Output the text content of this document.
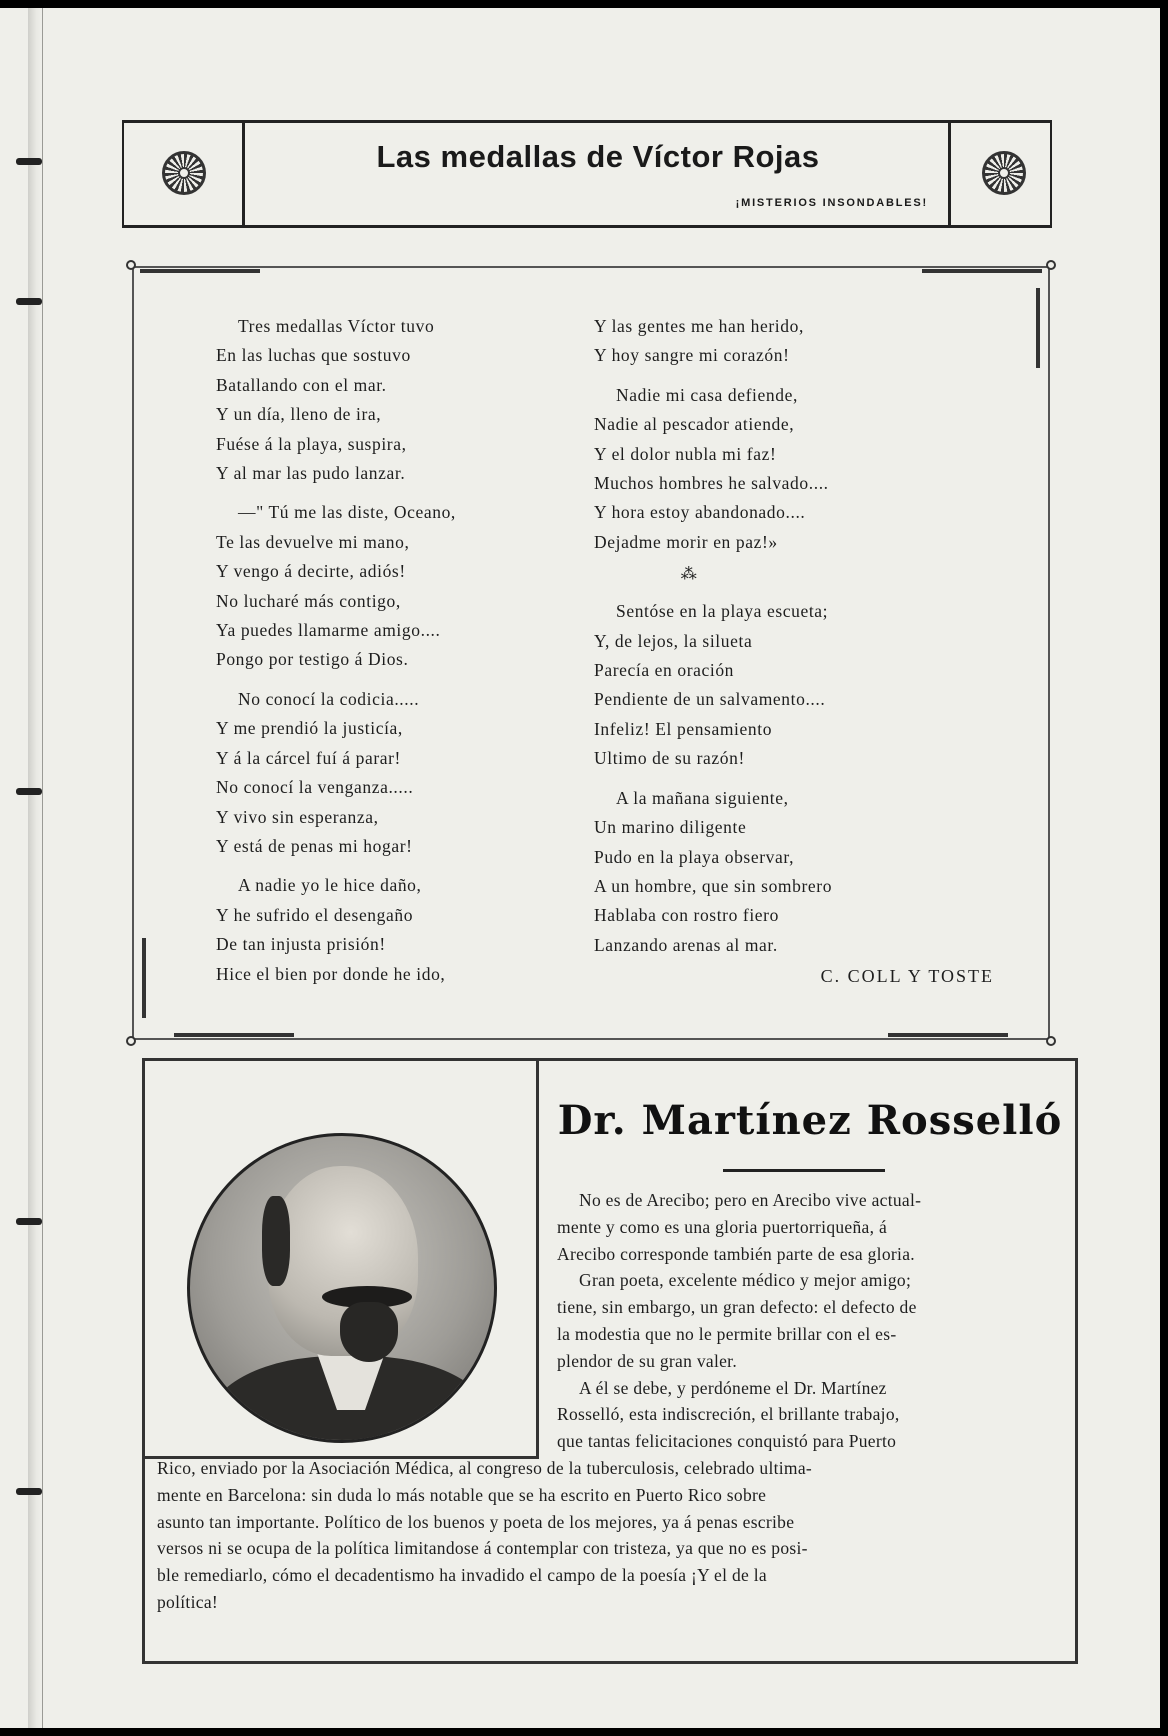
Las medallas de Víctor Rojas
¡MISTERIOS INSONDABLES!
Tres medallas Víctor tuvo
En las luchas que sostuvo
Batallando con el mar.
Y un día, lleno de ira,
Fuése á la playa, suspira,
Y al mar las pudo lanzar.
—" Tú me las diste, Oceano,
Te las devuelve mi mano,
Y vengo á decirte, adiós!
No lucharé más contigo,
Ya puedes llamarme amigo....
Pongo por testigo á Dios.
No conocí la codicia.....
Y me prendió la justicía,
Y á la cárcel fuí á parar!
No conocí la venganza.....
Y vivo sin esperanza,
Y está de penas mi hogar!
A nadie yo le hice daño,
Y he sufrido el desengaño
De tan injusta prisión!
Hice el bien por donde he ido,
Y las gentes me han herido,
Y hoy sangre mi corazón!
Nadie mi casa defiende,
Nadie al pescador atiende,
Y el dolor nubla mi faz!
Muchos hombres he salvado....
Y hora estoy abandonado....
Dejadme morir en paz!»
⁂
Sentóse en la playa escueta;
Y, de lejos, la silueta
Parecía en oración
Pendiente de un salvamento....
Infeliz! El pensamiento
Ultimo de su razón!
A la mañana siguiente,
Un marino diligente
Pudo en la playa observar,
A un hombre, que sin sombrero
Hablaba con rostro fiero
Lanzando arenas al mar.
C. COLL Y TOSTE
Dr. Martínez Rosselló
No es de Arecibo; pero en Arecibo vive actual-
mente y como es una gloria puertorriqueña, á
Arecibo corresponde también parte de esa gloria.
Gran poeta, excelente médico y mejor amigo;
tiene, sin embargo, un gran defecto: el defecto de
la modestia que no le permite brillar con el es-
plendor de su gran valer.
A él se debe, y perdóneme el Dr. Martínez
Rosselló, esta indiscreción, el brillante trabajo,
que tantas felicitaciones conquistó para Puerto
Rico, enviado por la Asociación Médica, al congreso de la tuberculosis, celebrado ultima-
mente en Barcelona: sin duda lo más notable que se ha escrito en Puerto Rico sobre
asunto tan importante. Político de los buenos y poeta de los mejores, ya á penas escribe
versos ni se ocupa de la política limitandose á contemplar con tristeza, ya que no es posi-
ble remediarlo, cómo el decadentismo ha invadido el campo de la poesía ¡Y el de la
política!
